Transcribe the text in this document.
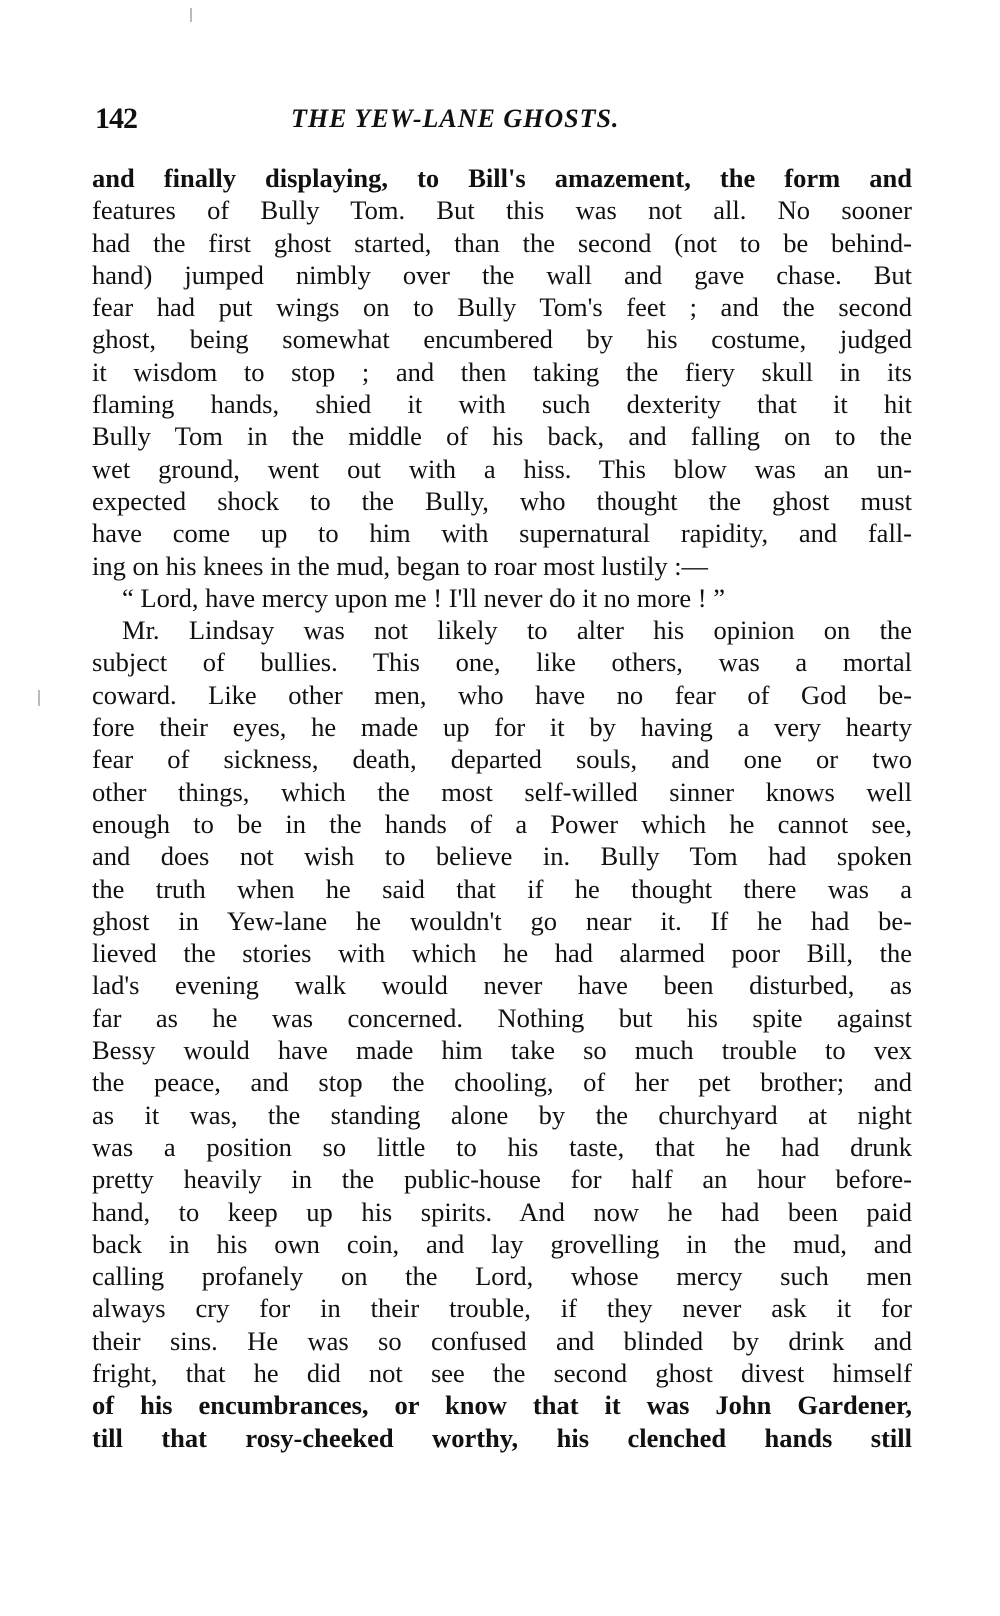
142	THE YEW-LANE GHOSTS.
and finally displaying, to Bill's amazement, the form and
features of Bully Tom. But this was not all. No sooner
had the first ghost started, than the second (not to be behind-
hand) jumped nimbly over the wall and gave chase. But
fear had put wings on to Bully Tom's feet ; and the second
ghost, being somewhat encumbered by his costume, judged
it wisdom to stop ; and then taking the fiery skull in its
flaming hands, shied it with such dexterity that it hit
Bully Tom in the middle of his back, and falling on to the
wet ground, went out with a hiss. This blow was an un-
expected shock to the Bully, who thought the ghost must
have come up to him with supernatural rapidity, and fall-
ing on his knees in the mud, began to roar most lustily :—
“ Lord, have mercy upon me ! I'll never do it no more ! ”
Mr. Lindsay was not likely to alter his opinion on the
subject of bullies. This one, like others, was a mortal
coward. Like other men, who have no fear of God be-
fore their eyes, he made up for it by having a very hearty
fear of sickness, death, departed souls, and one or two
other things, which the most self-willed sinner knows well
enough to be in the hands of a Power which he cannot see,
and does not wish to believe in. Bully Tom had spoken
the truth when he said that if he thought there was a
ghost in Yew-lane he wouldn't go near it. If he had be-
lieved the stories with which he had alarmed poor Bill, the
lad's evening walk would never have been disturbed, as
far as he was concerned. Nothing but his spite against
Bessy would have made him take so much trouble to vex
the peace, and stop the chooling, of her pet brother; and
as it was, the standing alone by the churchyard at night
was a position so little to his taste, that he had drunk
pretty heavily in the public-house for half an hour before-
hand, to keep up his spirits. And now he had been paid
back in his own coin, and lay grovelling in the mud, and
calling profanely on the Lord, whose mercy such men
always cry for in their trouble, if they never ask it for
their sins. He was so confused and blinded by drink and
fright, that he did not see the second ghost divest himself
of his encumbrances, or know that it was John Gardener,
till that rosy-cheeked worthy, his clenched hands still
